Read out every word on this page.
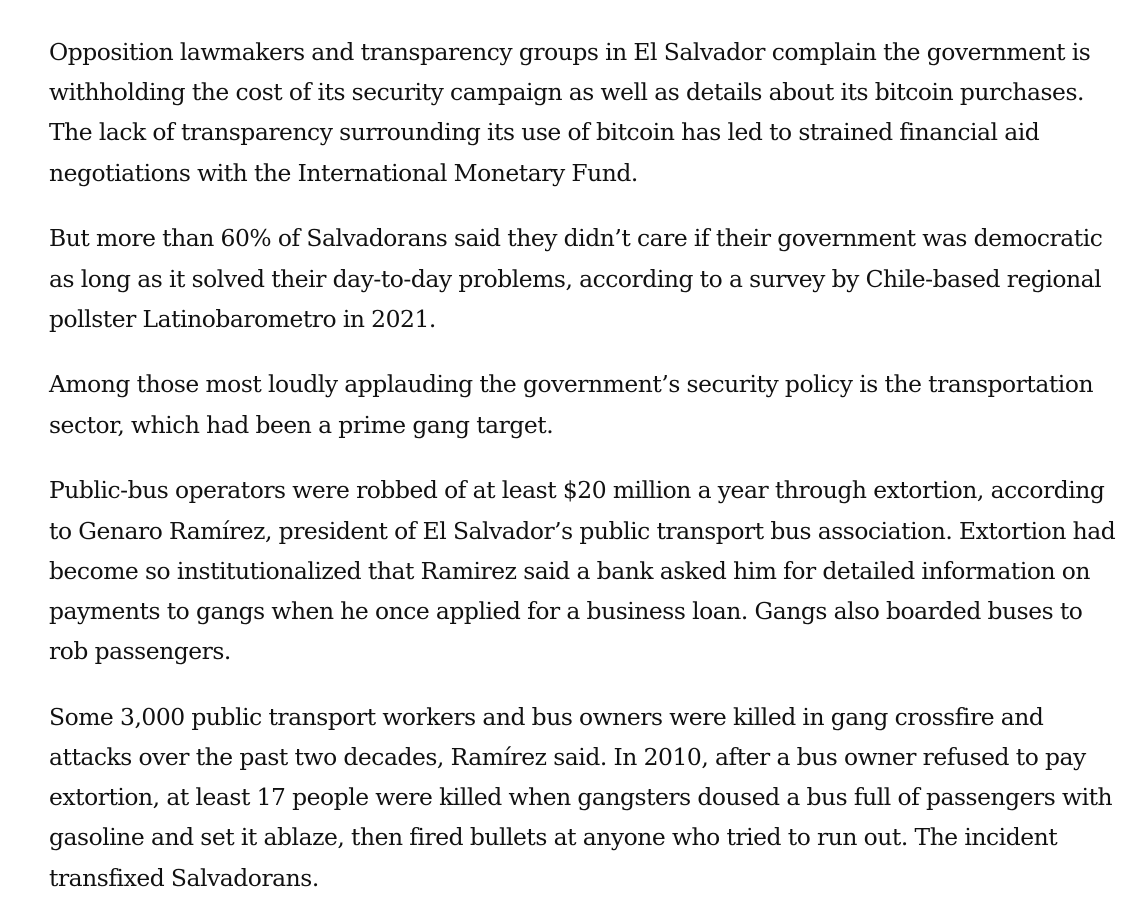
Opposition lawmakers and transparency groups in El Salvador complain the government is withholding the cost of its security campaign as well as details about its bitcoin purchases. The lack of transparency surrounding its use of bitcoin has led to strained financial aid negotiations with the International Monetary Fund.

But more than 60% of Salvadorans said they didn’t care if their government was democratic as long as it solved their day-to-day problems, according to a survey by Chile-based regional pollster Latinobarometro in 2021.

Among those most loudly applauding the government’s security policy is the transportation sector, which had been a prime gang target.

Public-bus operators were robbed of at least $20 million a year through extortion, according to Genaro Ramírez, president of El Salvador’s public transport bus association. Extortion had become so institutionalized that Ramirez said a bank asked him for detailed information on payments to gangs when he once applied for a business loan. Gangs also boarded buses to rob passengers.

Some 3,000 public transport workers and bus owners were killed in gang crossfire and attacks over the past two decades, Ramírez said. In 2010, after a bus owner refused to pay extortion, at least 17 people were killed when gangsters doused a bus full of passengers with gasoline and set it ablaze, then fired bullets at anyone who tried to run out. The incident transfixed Salvadorans.
